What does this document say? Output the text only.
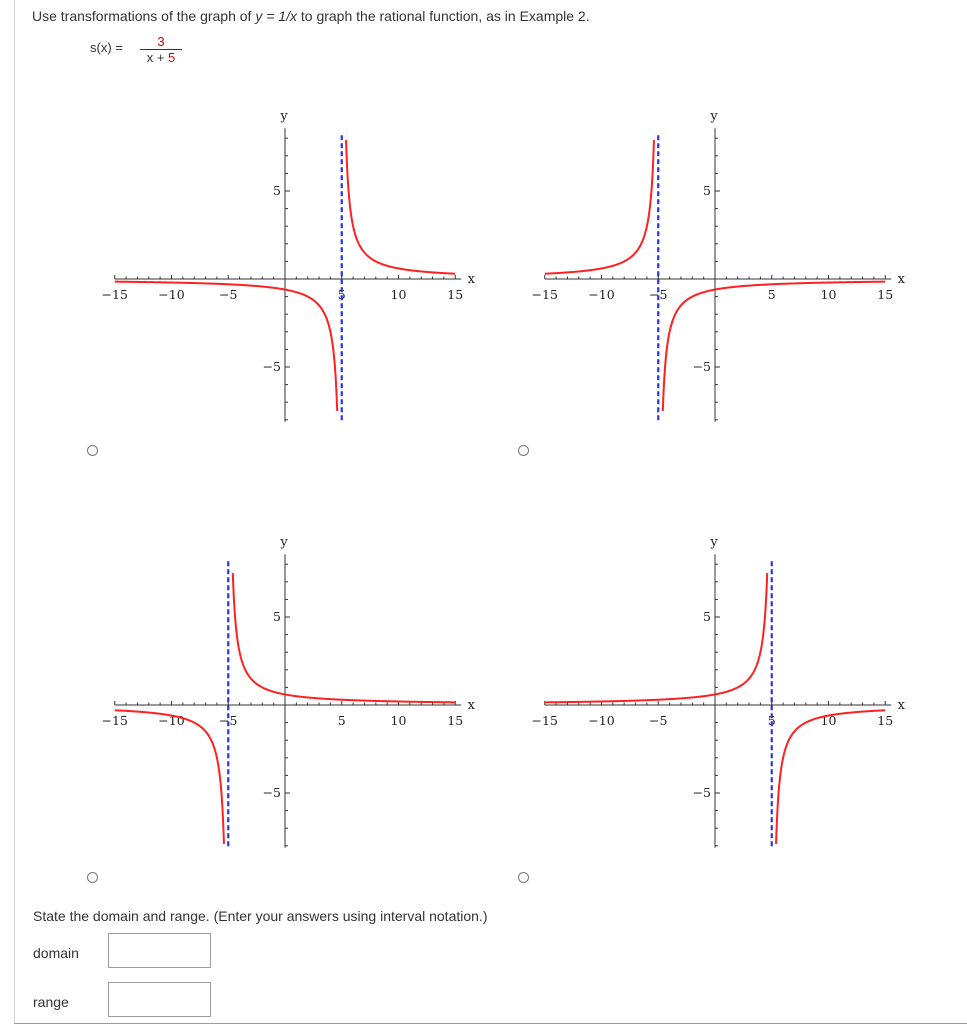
Use transformations of the graph of y = 1/x to graph the rational function, as in Example 2.
s(x) =	3
x + 5
y
x
−15 −10	−5	5	10	15
5
−5
y
x
−15 −10	−5	5	10	15
5
−5
y
x
−15 −10	−5	5	10	15
5
−5
y
x
−15 −10	−5	5	10	15
5
−5
State the domain and range. (Enter your answers using interval notation.)
domain
range
